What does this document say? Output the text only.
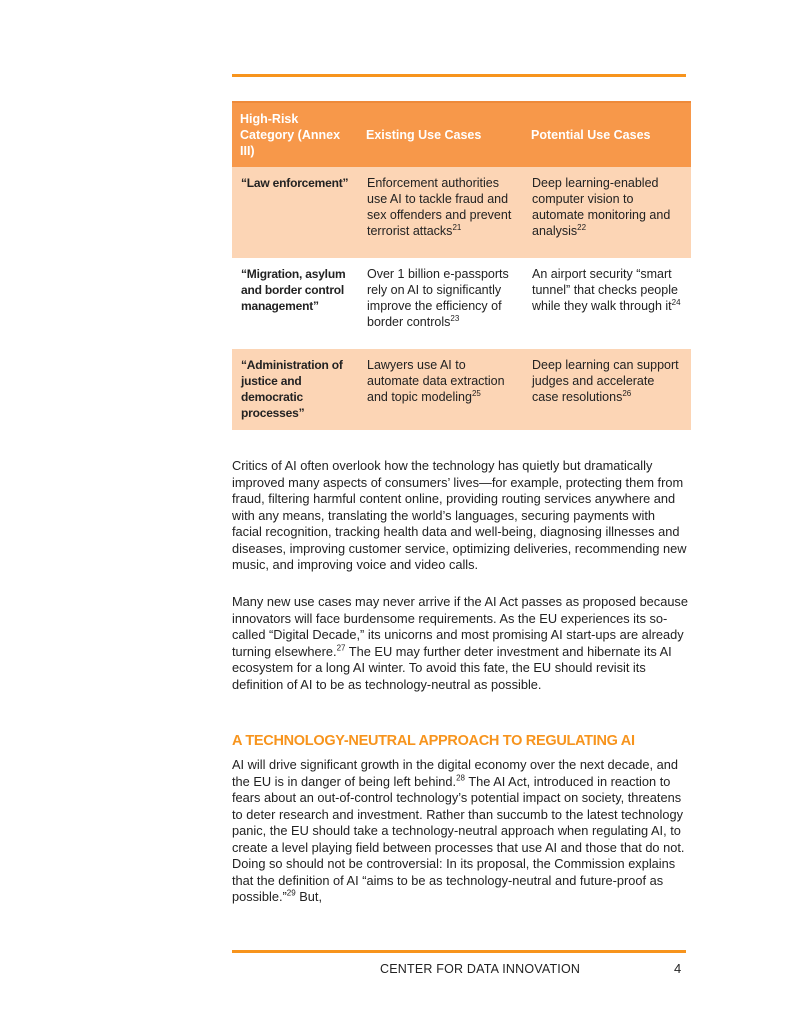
High-Risk Category (Annex III)	Existing Use Cases	Potential Use Cases
“Law enforcement”	Enforcement authorities use AI to tackle fraud and sex offenders and prevent terrorist attacks$^{21}$	Deep learning-enabled computer vision to automate monitoring and analysis$^{22}$
“Migration, asylum and border control management”	Over 1 billion e-passports rely on AI to significantly improve the efficiency of border controls$^{23}$	An airport security “smart tunnel” that checks people while they walk through $it^{24}$
“Administration of justice and democratic processes”	Lawyers use AI to automate data extraction and topic modeling$^{25}$	Deep learning can support judges and accelerate case resolutions$^{26}$

Critics of AI often overlook how the technology has quietly but dramatically improved many aspects of consumers’ lives—for example, protecting them from fraud, filtering harmful content online, providing routing services anywhere and with any means, translating the world’s languages, securing payments with facial recognition, tracking health data and well-being, diagnosing illnesses and diseases, improving customer service, optimizing deliveries, recommending new music, and improving voice and video calls.

Many new use cases may never arrive if the AI Act passes as proposed because innovators will face burdensome requirements. As the EU experiences its so-called “Digital Decade,” its unicorns and most promising AI start-ups are already turning elsewhere.$^{27}$ The EU may further deter investment and hibernate its AI ecosystem for a long AI winter. To avoid this fate, the EU should revisit its definition of AI to be as technology-neutral as possible.

A TECHNOLOGY-NEUTRAL APPROACH TO REGULATING AI

AI will drive significant growth in the digital economy over the next decade, and the EU is in danger of being left behind.$^{28}$ The AI Act, introduced in reaction to fears about an out-of-control technology’s potential impact on society, threatens to deter research and investment. Rather than succumb to the latest technology panic, the EU should take a technology-neutral approach when regulating AI, to create a level playing field between processes that use AI and those that do not. Doing so should not be controversial: In its proposal, the Commission explains that the definition of AI “aims to be as technology-neutral and future-proof as possible.”$^{29}$ But,

CENTER FOR DATA INNOVATION	4
